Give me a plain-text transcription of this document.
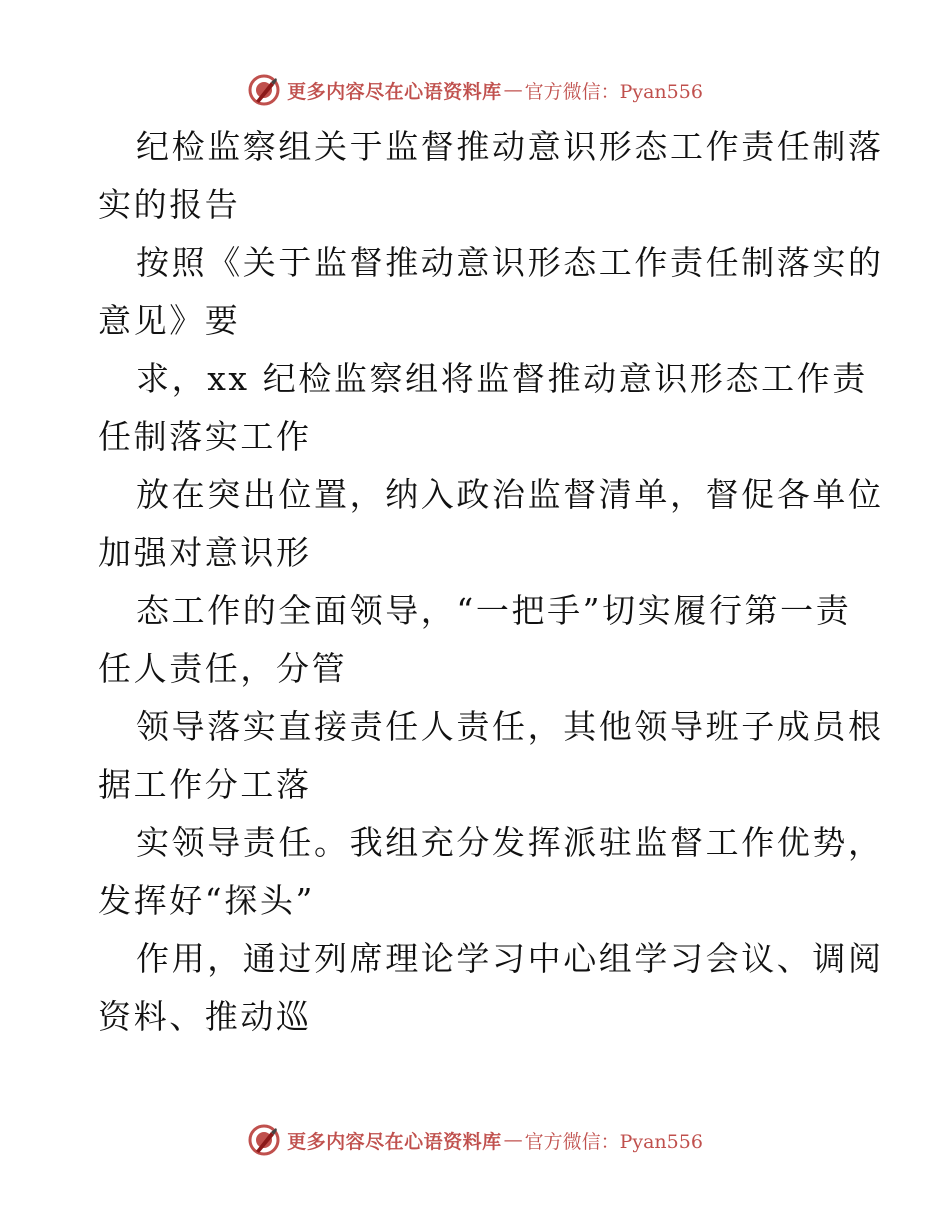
更多内容尽在心语资料库 — 官方微信：Pyan556

纪检监察组关于监督推动意识形态工作责任制落

实的报告

按照《关于监督推动意识形态工作责任制落实的

意见》要

求，xx 纪检监察组将监督推动意识形态工作责

任制落实工作

放在突出位置，纳入政治监督清单，督促各单位

加强对意识形

态工作的全面领导，“一把手”切实履行第一责

任人责任，分管

领导落实直接责任人责任，其他领导班子成员根

据工作分工落

实领导责任。我组充分发挥派驻监督工作优势，

发挥好“探头”

作用，通过列席理论学习中心组学习会议、调阅

资料、推动巡

更多内容尽在心语资料库 — 官方微信：Pyan556
